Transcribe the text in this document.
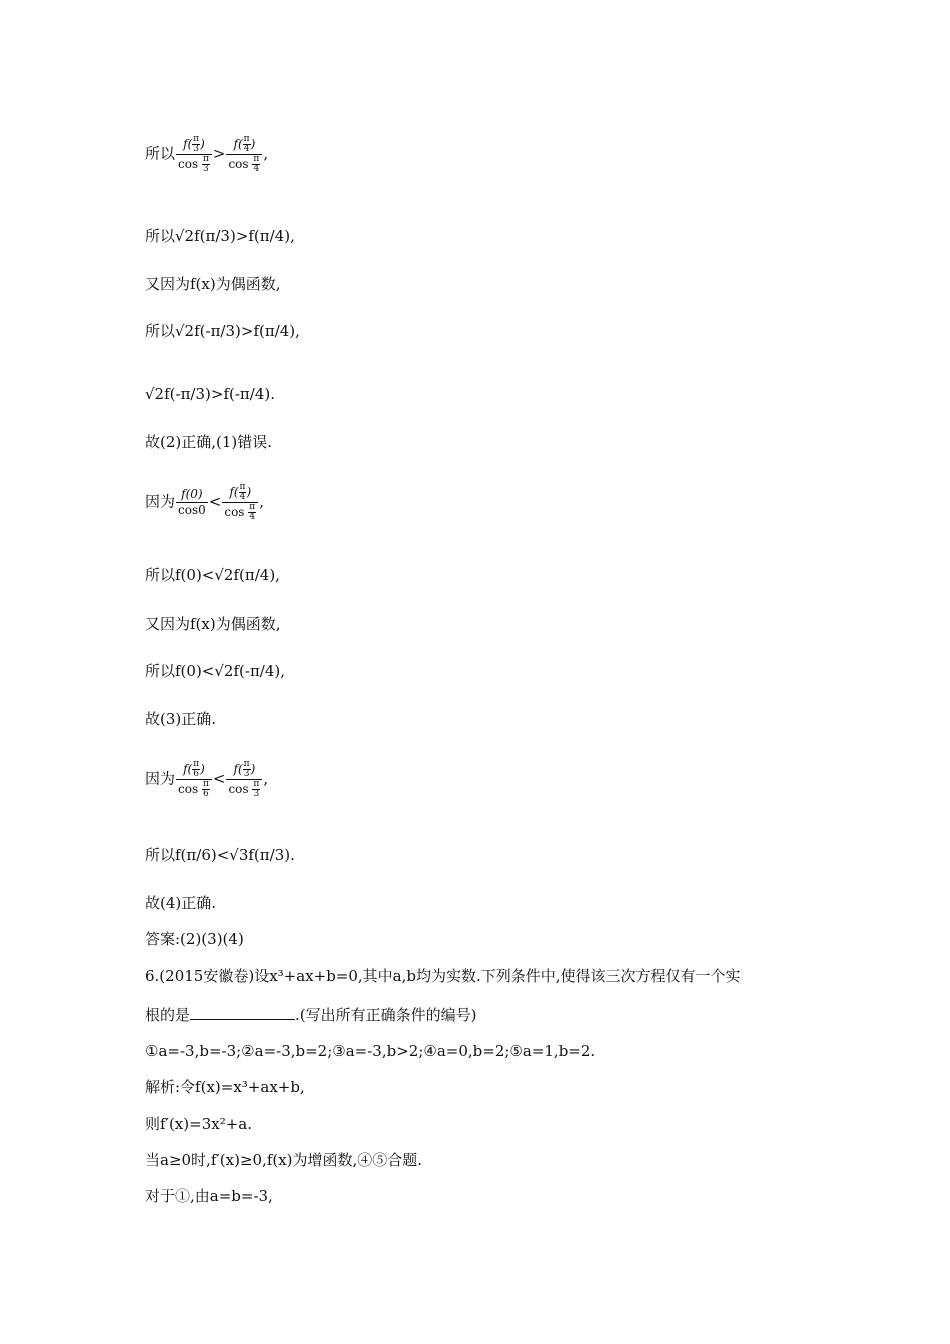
所以 $\frac{f( \frac{\pi}{3} )}{\cos \frac{\pi}{3}} > \frac{f( \frac{\pi}{4} )}{\cos \frac{\pi}{4}}$ ,
所以√2f(π/3)>f(π/4),
又因为f(x)为偶函数,
所以√2f(-π/3)>f(π/4),
√2f(-π/3)>f(-π/4).
故(2)正确,(1)错误.
因为 $\frac{f(0)}{\cos 0} < \frac{f( \frac{\pi}{4} )}{\cos \frac{\pi}{4}}$ ,
所以f(0)<√2f(π/4),
又因为f(x)为偶函数,
所以f(0)<√2f(-π/4),
故(3)正确.
因为 $\frac{f( \frac{\pi}{6} )}{\cos \frac{\pi}{6}} < \frac{f( \frac{\pi}{3} )}{\cos \frac{\pi}{3}}$ ,
所以f(π/6)<√3f(π/3).
故(4)正确.
答案:(2)(3)(4)
6.(2015安徽卷)设x³+ax+b=0,其中a,b均为实数.下列条件中,使得该三次方程仅有一个实
根的是	.(写出所有正确条件的编号)
①a=-3,b=-3;②a=-3,b=2;③a=-3,b>2;④a=0,b=2;⑤a=1,b=2.
解析:令f(x)=x³+ax+b,
则f′(x)=3x²+a.
当a≥0时,f′(x)≥0,f(x)为增函数,④⑤合题.
对于①,由a=b=-3,
